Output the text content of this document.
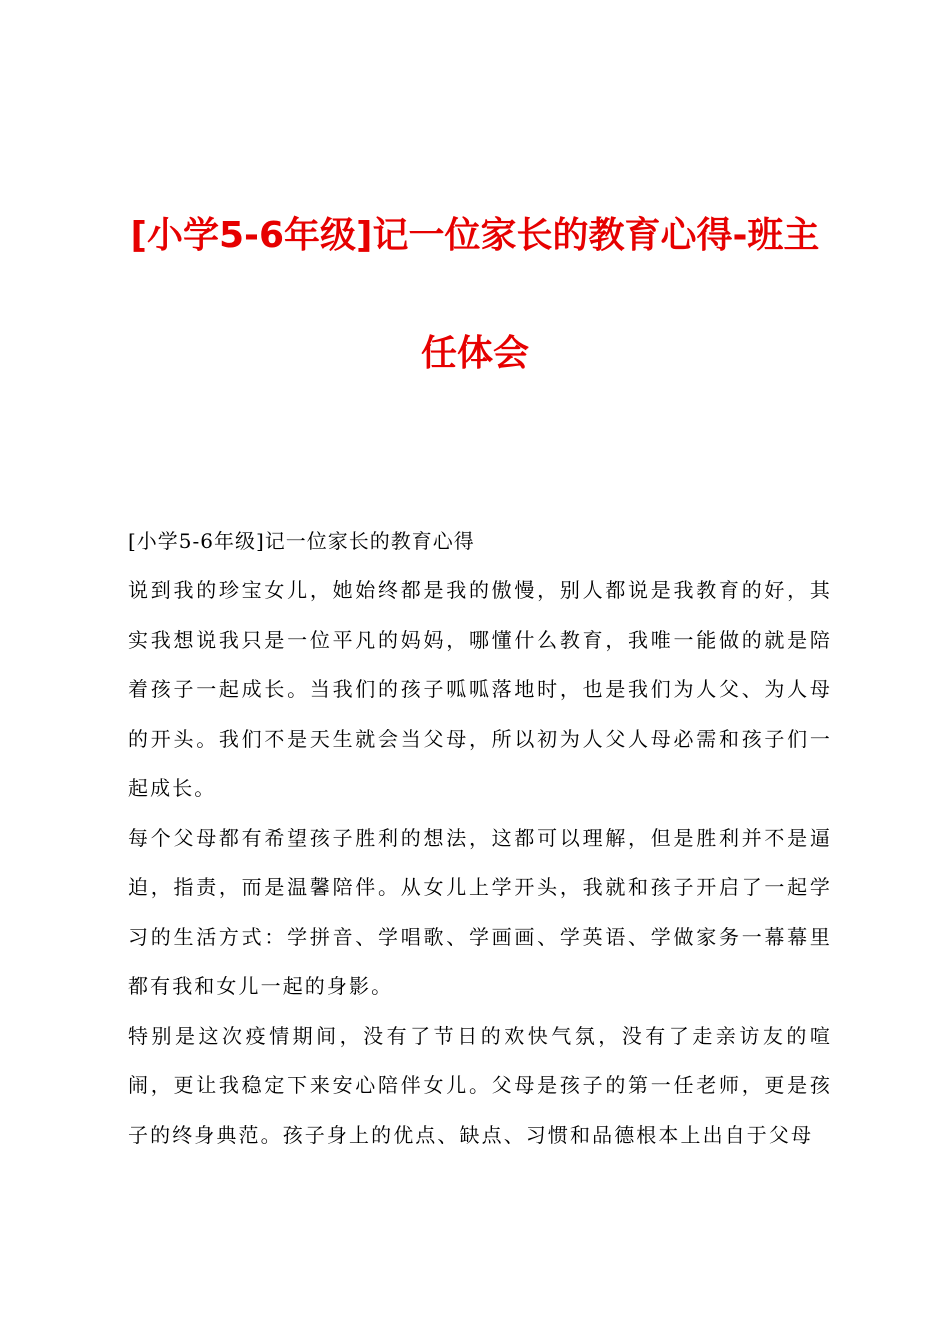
[小学5-6年级]记一位家长的教育心得-班主
任体会
[小学5-6年级]记一位家长的教育心得

说到我的珍宝女儿，她始终都是我的傲慢，别人都说是我教育的好，其实我想说我只是一位平凡的妈妈，哪懂什么教育，我唯一能做的就是陪着孩子一起成长。当我们的孩子呱呱落地时，也是我们为人父、为人母的开头。我们不是天生就会当父母，所以初为人父人母必需和孩子们一起成长。

每个父母都有希望孩子胜利的想法，这都可以理解，但是胜利并不是逼迫，指责，而是温馨陪伴。从女儿上学开头，我就和孩子开启了一起学习的生活方式：学拼音、学唱歌、学画画、学英语、学做家务一幕幕里都有我和女儿一起的身影。

特别是这次疫情期间，没有了节日的欢快气氛，没有了走亲访友的喧闹，更让我稳定下来安心陪伴女儿。父母是孩子的第一任老师，更是孩子的终身典范。孩子身上的优点、缺点、习惯和品德根本上出自于父母
